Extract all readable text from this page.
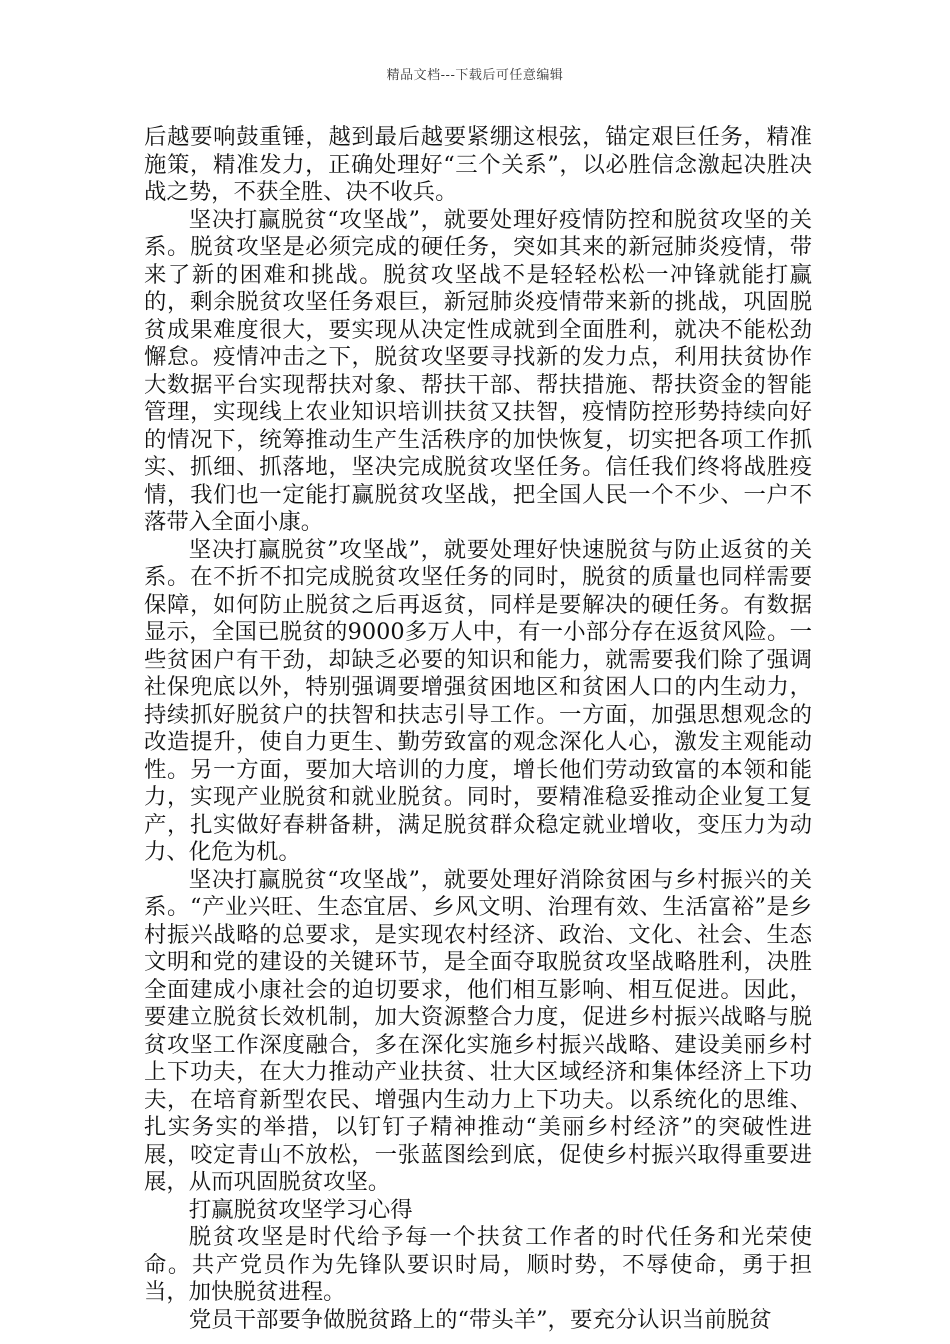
精品文档---下载后可任意编辑

后越要响鼓重锤，越到最后越要紧绷这根弦，锚定艰巨任务，精准施策，精准发力，正确处理好“三个关系”，以必胜信念激起决胜决战之势，不获全胜、决不收兵。

坚决打赢脱贫“攻坚战”，就要处理好疫情防控和脱贫攻坚的关系。脱贫攻坚是必须完成的硬任务，突如其来的新冠肺炎疫情，带来了新的困难和挑战。脱贫攻坚战不是轻轻松松一冲锋就能打赢的，剩余脱贫攻坚任务艰巨，新冠肺炎疫情带来新的挑战，巩固脱贫成果难度很大，要实现从决定性成就到全面胜利，就决不能松劲懈怠。疫情冲击之下，脱贫攻坚要寻找新的发力点，利用扶贫协作大数据平台实现帮扶对象、帮扶干部、帮扶措施、帮扶资金的智能管理，实现线上农业知识培训扶贫又扶智，疫情防控形势持续向好的情况下，统筹推动生产生活秩序的加快恢复，切实把各项工作抓实、抓细、抓落地，坚决完成脱贫攻坚任务。信任我们终将战胜疫情，我们也一定能打赢脱贫攻坚战，把全国人民一个不少、一户不落带入全面小康。

坚决打赢脱贫”攻坚战”，就要处理好快速脱贫与防止返贫的关系。在不折不扣完成脱贫攻坚任务的同时，脱贫的质量也同样需要保障，如何防止脱贫之后再返贫，同样是要解决的硬任务。有数据显示，全国已脱贫的9000多万人中，有一小部分存在返贫风险。一些贫困户有干劲，却缺乏必要的知识和能力，就需要我们除了强调社保兜底以外，特别强调要增强贫困地区和贫困人口的内生动力，持续抓好脱贫户的扶智和扶志引导工作。一方面，加强思想观念的改造提升，使自力更生、勤劳致富的观念深化人心，激发主观能动性。另一方面，要加大培训的力度，增长他们劳动致富的本领和能力，实现产业脱贫和就业脱贫。同时，要精准稳妥推动企业复工复产，扎实做好春耕备耕，满足脱贫群众稳定就业增收，变压力为动力、化危为机。

坚决打赢脱贫“攻坚战”，就要处理好消除贫困与乡村振兴的关系。“产业兴旺、生态宜居、乡风文明、治理有效、生活富裕”是乡村振兴战略的总要求，是实现农村经济、政治、文化、社会、生态文明和党的建设的关键环节，是全面夺取脱贫攻坚战略胜利，决胜全面建成小康社会的迫切要求，他们相互影响、相互促进。因此，要建立脱贫长效机制，加大资源整合力度，促进乡村振兴战略与脱贫攻坚工作深度融合，多在深化实施乡村振兴战略、建设美丽乡村上下功夫，在大力推动产业扶贫、壮大区域经济和集体经济上下功夫，在培育新型农民、增强内生动力上下功夫。以系统化的思维、扎实务实的举措，以钉钉子精神推动“美丽乡村经济”的突破性进展，咬定青山不放松，一张蓝图绘到底，促使乡村振兴取得重要进展，从而巩固脱贫攻坚。

打赢脱贫攻坚学习心得

脱贫攻坚是时代给予每一个扶贫工作者的时代任务和光荣使命。共产党员作为先锋队要识时局，顺时势，不辱使命，勇于担当，加快脱贫进程。

党员干部要争做脱贫路上的“带头羊”，要充分认识当前脱贫
